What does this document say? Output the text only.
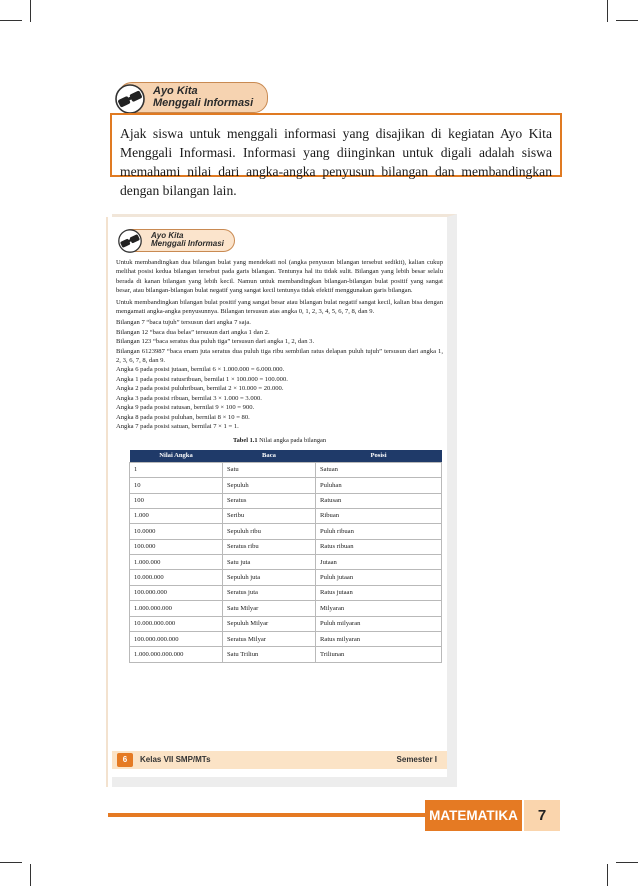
Ayo Kita
Menggali Informasi
Ajak siswa untuk menggali informasi yang disajikan di kegiatan Ayo Kita Menggali Informasi. Informasi yang diinginkan untuk digali adalah siswa memahami nilai dari angka-angka penyusun bilangan dan membandingkan dengan bilangan lain.
Ayo Kita
Menggali Informasi

Untuk membandingkan dua bilangan bulat yang mendekati nol (angka penyusun bilangan tersebut sedikit), kalian cukup melihat posisi kedua bilangan tersebut pada garis bilangan. Tentunya hal itu tidak sulit. Bilangan yang lebih besar selalu berada di kanan bilangan yang lebih kecil. Namun untuk membandingkan bilangan-bilangan bulat positif yang sangat besar, atau bilangan-bilangan bulat negatif yang sangat kecil tentunya tidak efektif menggunakan garis bilangan.

Untuk membandingkan bilangan bulat positif yang sangat besar atau bilangan bulat negatif sangat kecil, kalian bisa dengan mengamati angka-angka penyusunnya. Bilangan tersusun atas angka 0, 1, 2, 3, 4, 5, 6, 7, 8, dan 9.

Bilangan 7 “baca tujuh” tersusun dari angka 7 saja.

Bilangan 12 “baca dua belas” tersusun dari angka 1 dan 2.

Bilangan 123 “baca seratus dua puluh tiga” tersusun dari angka 1, 2, dan 3.

Bilangan 6123987 “baca enam juta seratus dua puluh tiga ribu sembilan ratus delapan puluh tujuh” tersusun dari angka 1, 2, 3, 6, 7, 8, dan 9.

Angka 6 pada posisi jutaan, bernilai 6 × 1.000.000 = 6.000.000.

Angka 1 pada posisi ratusribuan, bernilai 1 × 100.000 = 100.000.

Angka 2 pada posisi puluhribuan, bernilai 2 × 10.000 = 20.000.

Angka 3 pada posisi ribuan, bernilai 3 × 1.000 = 3.000.

Angka 9 pada posisi ratusan, bernilai 9 × 100 = 900.

Angka 8 pada posisi puluhan, bernilai 8 × 10 = 80.

Angka 7 pada posisi satuan, bernilai 7 × 1 = 1.

Tabel 1.1 Nilai angka pada bilangan
Nilai Angka	Baca	Posisi
1	Satu	Satuan
10	Sepuluh	Puluhan
100	Seratus	Ratusan
1.000	Seribu	Ribuan
10.0000	Sepuluh ribu	Puluh ribuan
100.000	Seratus ribu	Ratus ribuan
1.000.000	Satu juta	Jutaan
10.000.000	Sepuluh juta	Puluh jutaan
100.000.000	Seratus juta	Ratus jutaan
1.000.000.000	Satu Milyar	Milyaran
10.000.000.000	Sepuluh Milyar	Puluh milyaran
100.000.000.000	Seratus Milyar	Ratus milyaran
1.000.000.000.000	Satu Triliun	Triliunan
6	Kelas VII SMP/MTs	Semester I
MATEMATIKA	7
